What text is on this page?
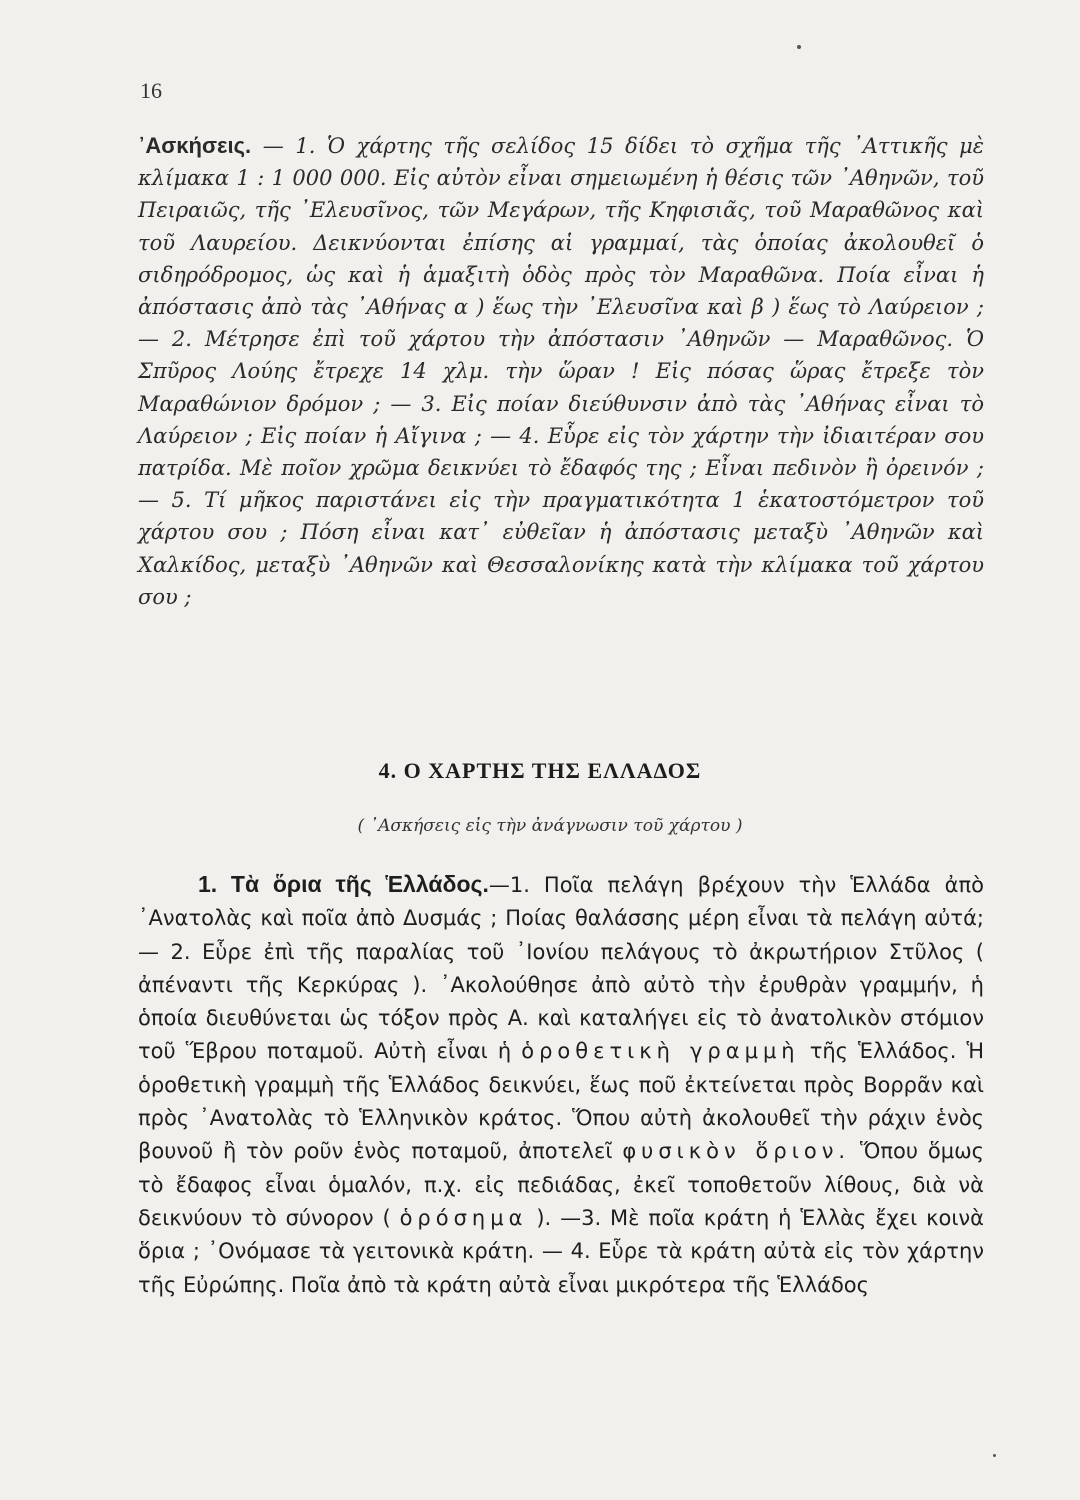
16
᾿Ασκήσεις. — 1. Ὁ χάρτης τῆς σελίδος 15 δίδει τὸ σχῆμα τῆς ᾿Αττικῆς μὲ κλίμακα 1 : 1 000 000. Εἰς αὐτὸν εἶναι σημειωμένη ἡ θέσις τῶν ᾿Αθηνῶν, τοῦ Πειραιῶς, τῆς ᾿Ελευσῖνος, τῶν Μεγάρων, τῆς Κηφισιᾶς, τοῦ Μαραθῶνος καὶ τοῦ Λαυρείου. Δεικνύονται ἐπίσης αἱ γραμμαί, τὰς ὁποίας ἀκολουθεῖ ὁ σιδηρόδρομος, ὡς καὶ ἡ ἁμαξιτὴ ὁδὸς πρὸς τὸν Μαραθῶνα. Ποία εἶναι ἡ ἀπόστασις ἀπὸ τὰς ᾿Αθήνας α ) ἕως τὴν ᾿Ελευσῖνα καὶ β ) ἕως τὸ Λαύρειον ; — 2. Μέτρησε ἐπὶ τοῦ χάρτου τὴν ἀπόστασιν ᾿Αθηνῶν — Μαραθῶνος. Ὁ Σπῦρος Λούης ἔτρεχε 14 χλμ. τὴν ὥραν ! Εἰς πόσας ὥρας ἔτρεξε τὸν Μαραθώνιον δρόμον ; — 3. Εἰς ποίαν διεύθυνσιν ἀπὸ τὰς ᾿Αθήνας εἶναι τὸ Λαύρειον ; Εἰς ποίαν ἡ Αἴγινα ; — 4. Εὗρε εἰς τὸν χάρτην τὴν ἰδιαιτέραν σου πατρίδα. Μὲ ποῖον χρῶμα δεικνύει τὸ ἔδαφός της ; Εἶναι πεδινὸν ἢ ὀρεινόν ; — 5. Τί μῆκος παριστάνει εἰς τὴν πραγματικότητα 1 ἑκατοστόμετρον τοῦ χάρτου σου ; Πόση εἶναι κατ᾿ εὐθεῖαν ἡ ἀπόστασις μεταξὺ ᾿Αθηνῶν καὶ Χαλκίδος, μεταξὺ ᾿Αθηνῶν καὶ Θεσσαλονίκης κατὰ τὴν κλίμακα τοῦ χάρτου σου ;
4. Ο ΧΑΡΤΗΣ ΤΗΣ ΕΛΛΑΔΟΣ
( ᾿Ασκήσεις εἰς τὴν ἀνάγνωσιν τοῦ χάρτου )
1. Τὰ ὅρια τῆς Ἑλλάδος.—1. Ποῖα πελάγη βρέχουν τὴν Ἑλλάδα ἀπὸ ᾿Ανατολὰς καὶ ποῖα ἀπὸ Δυσμάς ; Ποίας θαλάσσης μέρη εἶναι τὰ πελάγη αὐτά; — 2. Εὗρε ἐπὶ τῆς παραλίας τοῦ ᾿Ιονίου πελάγους τὸ ἀκρωτήριον Στῦλος ( ἀπέναντι τῆς Κερκύρας ). ᾿Ακολούθησε ἀπὸ αὐτὸ τὴν ἐρυθρὰν γραμμήν, ἡ ὁποία διευθύνεται ὡς τόξον πρὸς Α. καὶ καταλήγει εἰς τὸ ἀνατολικὸν στόμιον τοῦ Ἕβρου ποταμοῦ. Αὐτὴ εἶναι ἡ ὁροθετικὴ γραμμὴ τῆς Ἑλλάδος. Ἡ ὁροθετικὴ γραμμὴ τῆς Ἑλλάδος δεικνύει, ἕως ποῦ ἐκτείνεται πρὸς Βορρᾶν καὶ πρὸς ᾿Ανατολὰς τὸ Ἑλληνικὸν κράτος. Ὅπου αὐτὴ ἀκολουθεῖ τὴν ράχιν ἑνὸς βουνοῦ ἢ τὸν ροῦν ἑνὸς ποταμοῦ, ἀποτελεῖ φυσικὸν ὅριον. Ὅπου ὅμως τὸ ἔδαφος εἶναι ὁμαλόν, π.χ. εἰς πεδιάδας, ἐκεῖ τοποθετοῦν λίθους, διὰ νὰ δεικνύουν τὸ σύνορον ( ὁρόσημα ). —3. Μὲ ποῖα κράτη ἡ Ἑλλὰς ἔχει κοινὰ ὅρια ; ᾿Ονόμασε τὰ γειτονικὰ κράτη. — 4. Εὗρε τὰ κράτη αὐτὰ εἰς τὸν χάρτην τῆς Εὐρώπης. Ποῖα ἀπὸ τὰ κράτη αὐτὰ εἶναι μικρότερα τῆς Ἑλλάδος
